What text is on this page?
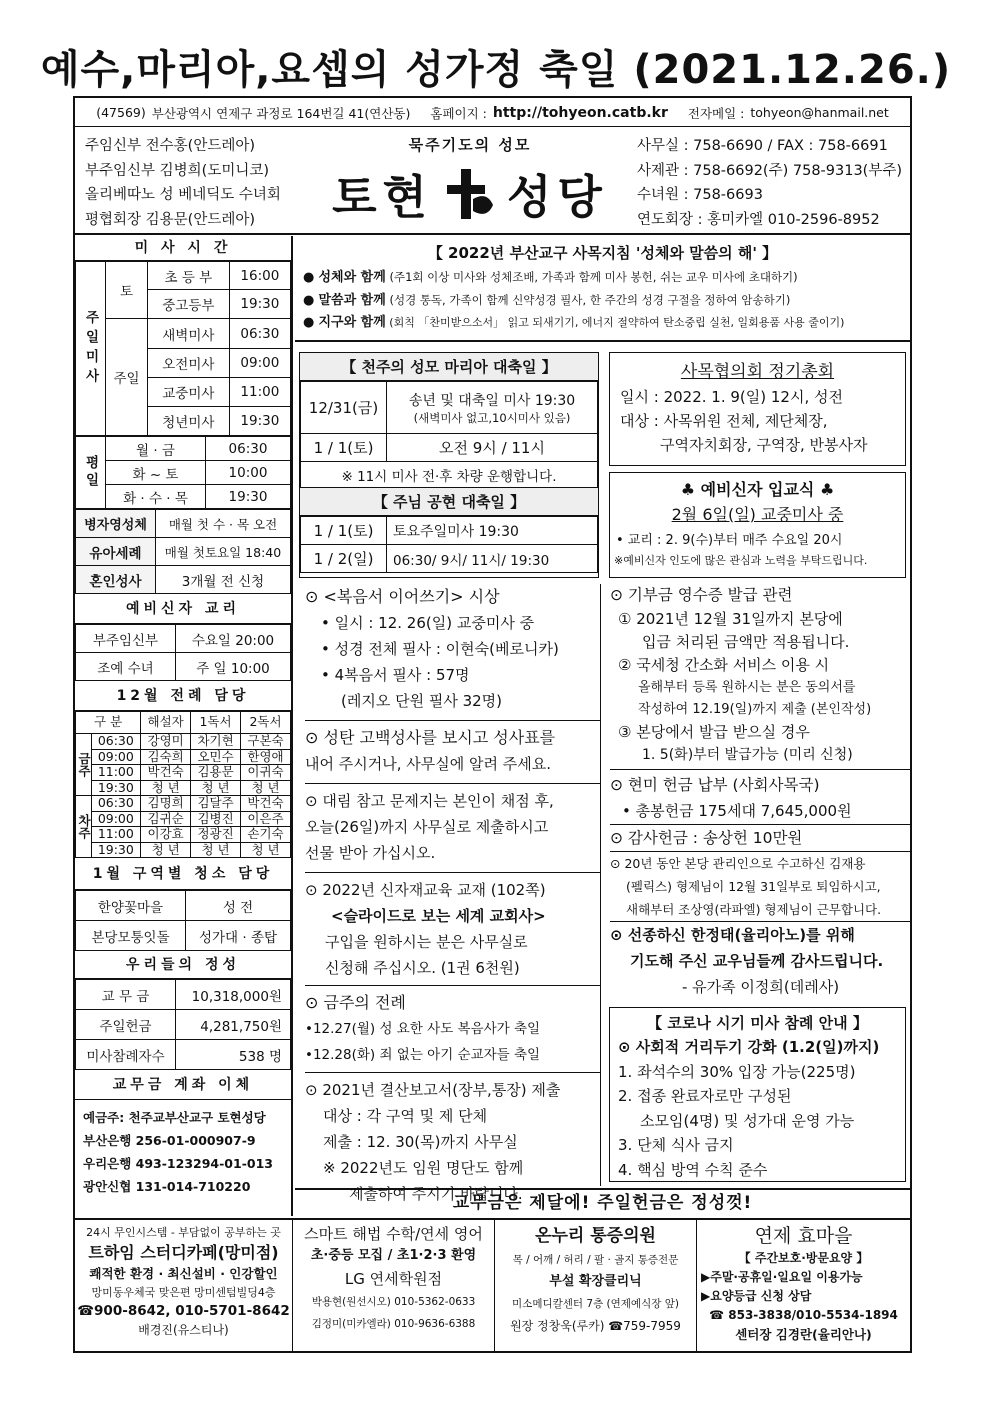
예수,마리아,요셉의 성가정 축일 (2021.12.26.)
(47569) 부산광역시 연제구 과정로 164번길 41(연산동) 홈페이지 : http://tohyeon.catb.kr 전자메일 : tohyeon@hanmail.net
주임신부 전수홍(안드레아)
부주임신부 김병희(도미니코)
올리베따노 성 베네딕도 수녀회
평협회장 김용문(안드레아)
묵주기도의 성모
토현 성당
사무실 : 758-6690 / FAX : 758-6691
사제관 : 758-6692(주) 758-9313(부주)
수녀원 : 758-6693
연도회장 : 홍미카엘 010-2596-8952
미 사 시 간
주일미사	토	초 등 부	16:00
		중고등부	19:30
	주일	새벽미사	06:30
		오전미사	09:00
		교중미사	11:00
		청년미사	19:30
평일	월 · 금	06:30
	화 ~ 토	10:00
	화 · 수 · 목	19:30
병자영성체	매월 첫 수 · 목 오전
유아세례	매월 첫토요일 18:40
혼인성사	3개월 전 신청
예비신자 교리
부주임신부	수요일 20:00
조예 수녀	주 일 10:00
12월 전례 담당
구 분		해설자	1독서	2독서
금주	06:30	강영미	차기현	구본숙
	09:00	김숙희	오민수	한영애
	11:00	박건숙	김용문	이귀숙
	19:30	청 년	청 년	청 년
차주	06:30	김명희	김달주	박건숙
	09:00	김귀순	김병진	이은주
	11:00	이강효	정광진	손기숙
	19:30	청 년	청 년	청 년
1월 구역별 청소 담당
한양꽃마을	성 전
본당모퉁잇돌	성가대 · 종탑
우리들의 정성
교 무 금	10,318,000원
주일헌금	4,281,750원
미사참례자수	538 명
교무금 계좌 이체
예금주: 천주교부산교구 토현성당
부산은행 256-01-000907-9
우리은행 493-123294-01-013
광안신협 131-014-710220
【 2022년 부산교구 사목지침 '성체와 말씀의 해' 】
● 성체와 함께 (주1회 이상 미사와 성체조배, 가족과 함께 미사 봉헌, 쉬는 교우 미사에 초대하기)
● 말씀과 함께 (성경 통독, 가족이 함께 신약성경 필사, 한 주간의 성경 구절을 정하여 암송하기)
● 지구와 함께 (회칙 「찬미받으소서」 읽고 되새기기, 에너지 절약하여 탄소중립 실천, 일회용품 사용 줄이기)
【 천주의 성모 마리아 대축일 】
12/31(금)	송년 및 대축일 미사 19:30
(새벽미사 없고,10시미사 있음)

1 / 1(토)	오전 9시 / 11시
※ 11시 미사 전·후 차량 운행합니다.	
【 주님 공현 대축일 】
1 / 1(토)	토요주일미사 19:30
1 / 2(일)	06:30/ 9시/ 11시/ 19:30
사목협의회 정기총회
일시 : 2022. 1. 9(일) 12시, 성전
대상 : 사목위원 전체, 제단체장,
구역자치회장, 구역장, 반봉사자
♣ 예비신자 입교식 ♣
2월 6일(일) 교중미사 중
• 교리 : 2. 9(수)부터 매주 수요일 20시
※예비신자 인도에 많은 관심과 노력을 부탁드립니다.
⊙ <복음서 이어쓰기> 시상
• 일시 : 12. 26(일) 교중미사 중
• 성경 전체 필사 : 이현숙(베로니카)
• 4복음서 필사 : 57명
(레지오 단원 필사 32명)
⊙ 성탄 고백성사를 보시고 성사표를
내어 주시거나, 사무실에 알려 주세요.
⊙ 대림 참고 문제지는 본인이 채점 후,
오늘(26일)까지 사무실로 제출하시고
선물 받아 가십시오.
⊙ 2022년 신자재교육 교재 (102쪽)
<슬라이드로 보는 세계 교회사>
구입을 원하시는 분은 사무실로
신청해 주십시오. (1권 6천원)
⊙ 금주의 전례
•12.27(월) 성 요한 사도 복음사가 축일
•12.28(화) 죄 없는 아기 순교자들 축일
⊙ 2021년 결산보고서(장부,통장) 제출
대상 : 각 구역 및 제 단체
제출 : 12. 30(목)까지 사무실
※ 2022년도 임원 명단도 함께
제출하여 주시기 바랍니다.
⊙ 기부금 영수증 발급 관련
① 2021년 12월 31일까지 본당에
입금 처리된 금액만 적용됩니다.
② 국세청 간소화 서비스 이용 시
올해부터 등록 원하시는 분은 동의서를
작성하여 12.19(일)까지 제출 (본인작성)
③ 본당에서 발급 받으실 경우
1. 5(화)부터 발급가능 (미리 신청)
⊙ 현미 헌금 납부 (사회사목국)
• 총봉헌금 175세대 7,645,000원
⊙ 감사헌금 : 송상헌 10만원
⊙ 20년 동안 본당 관리인으로 수고하신 김재용
(펠릭스) 형제님이 12월 31일부로 퇴임하시고,
새해부터 조상영(라파엘) 형제님이 근무합니다.
⊙ 선종하신 한정태(율리아노)를 위해
기도해 주신 교우님들께 감사드립니다.
- 유가족 이정희(데레사)
【 코로나 시기 미사 참례 안내 】
⊙ 사회적 거리두기 강화 (1.2(일)까지)
1. 좌석수의 30% 입장 가능(225명)
2. 접종 완료자로만 구성된
소모임(4명) 및 성가대 운영 가능
3. 단체 식사 금지
4. 핵심 방역 수칙 준수
교무금은 제달에! 주일헌금은 정성껏!
24시 무인시스템 - 부담없이 공부하는 곳
트하임 스터디카페(망미점)
쾌적한 환경 · 최신설비 · 인강할인
망미동우체국 맞은편 망미센텀빌딩4층
☎900-8642, 010-5701-8642
배경진(유스티나)
스마트 해법 수학/연세 영어
초·중등 모집 / 초1·2·3 환영
LG 연세학원점
박용현(원선시오) 010-5362-0633
김정미(미카엘라) 010-9636-6388
온누리 통증의원
목 / 어깨 / 허리 / 팔 · 골지 통증전문
부설 확장클리닉
미소메디칼센터 7층 (연제예식장 앞)
원장 정창욱(루카) ☎759-7959
연제 효마을
【 주간보호·방문요양 】
▶주말·공휴일·일요일 이용가능
▶요양등급 신청 상담
☎ 853-3838/010-5534-1894
센터장 김경란(율리안나)
